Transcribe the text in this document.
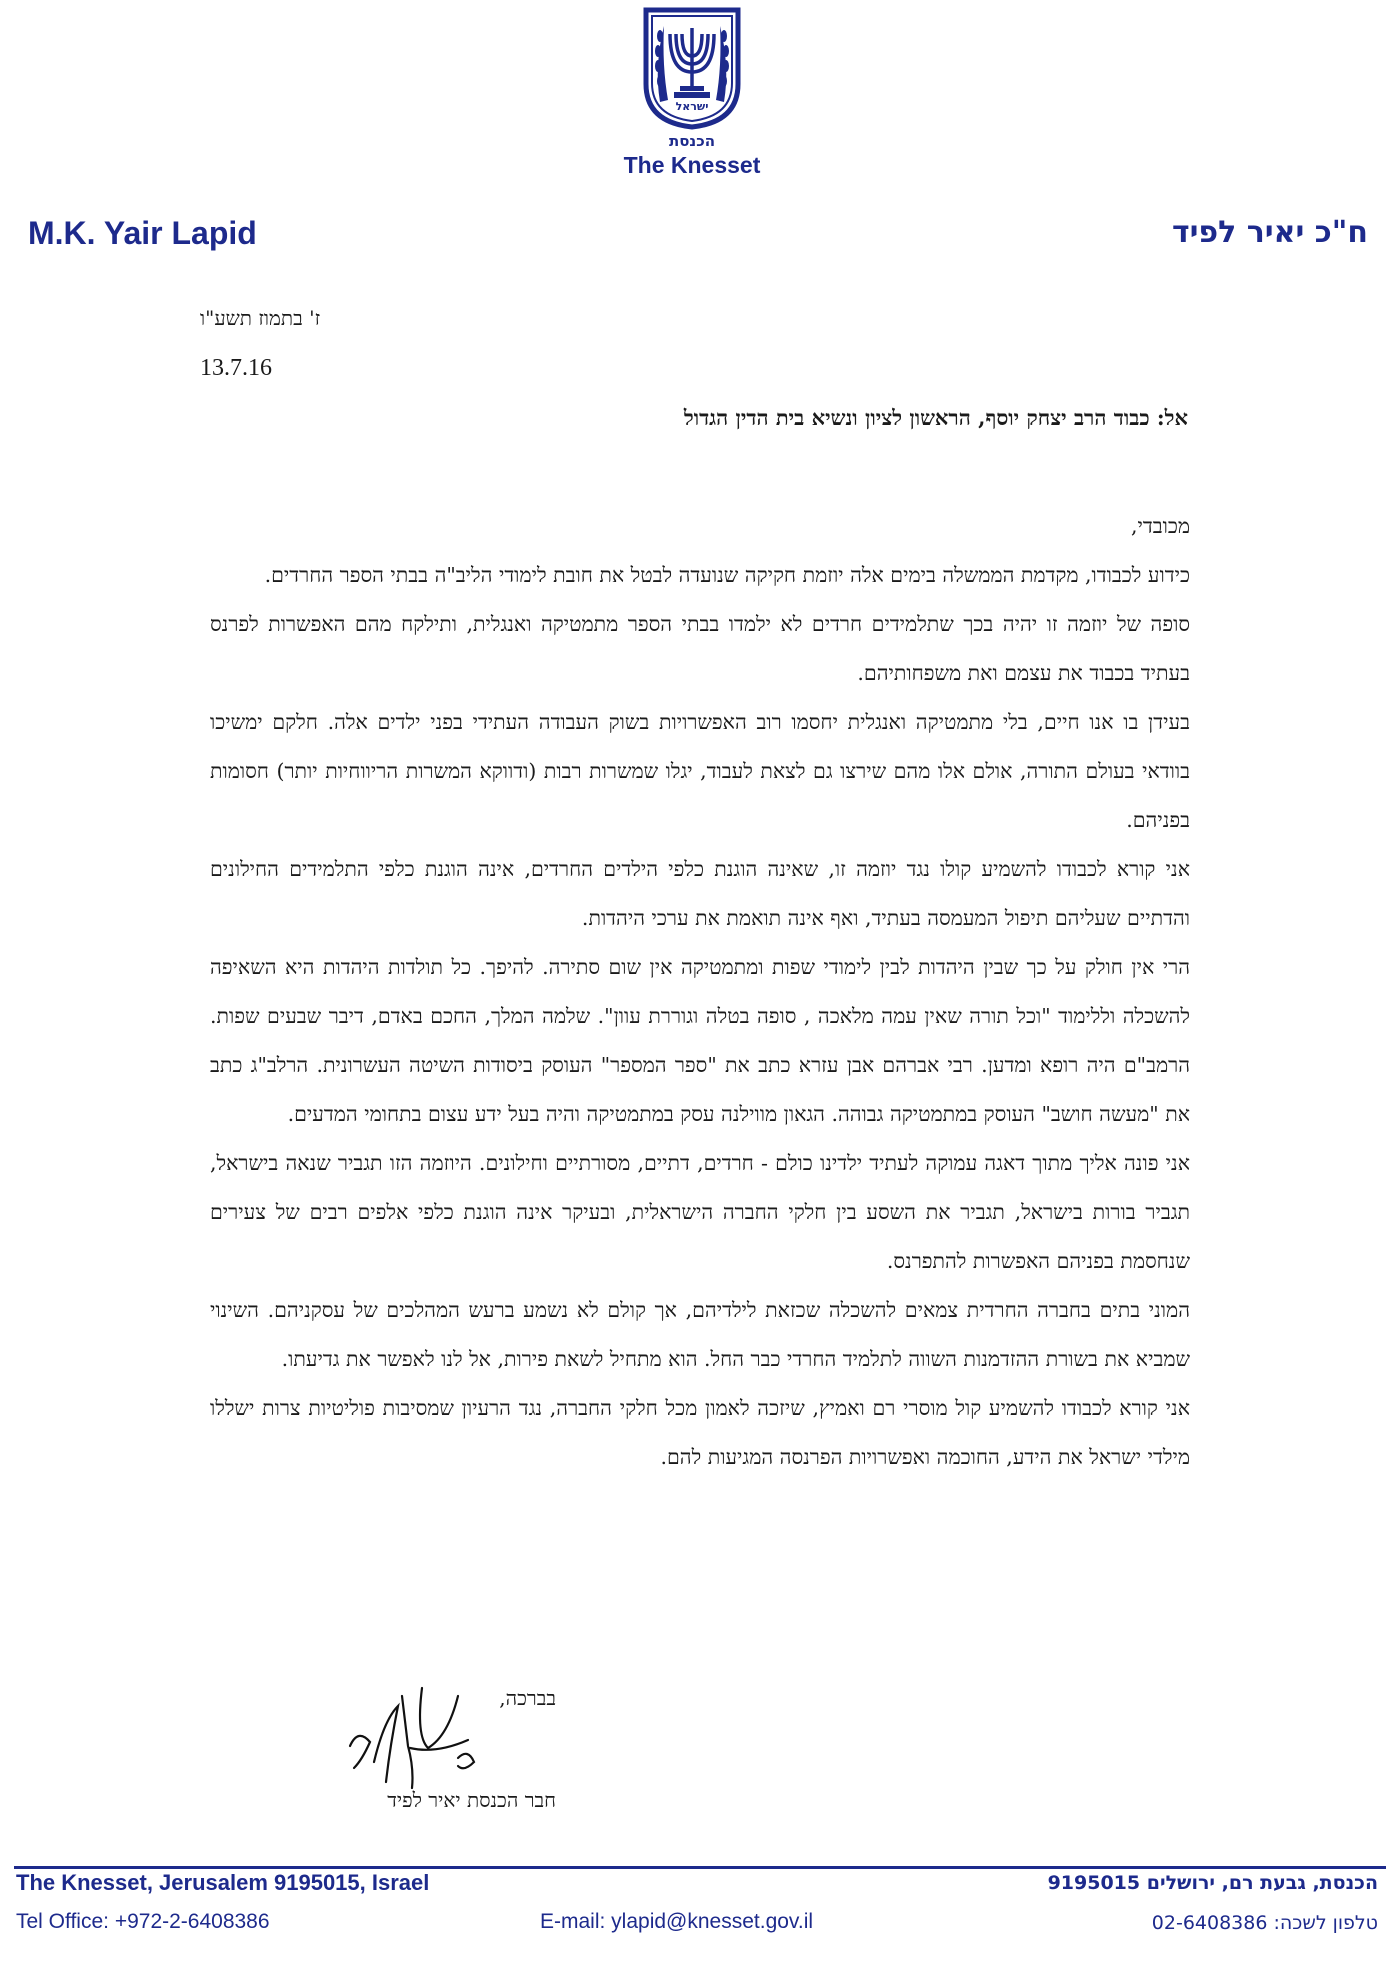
ישראל
הכנסת
The Knesset
M.K. Yair Lapid	ח"כ יאיר לפיד
ז' בתמוז תשע"ו
13.7.16
אל: כבוד הרב יצחק יוסף, הראשון לציון ונשיא בית הדין הגדול

מכובדי,

כידוע לכבודו, מקדמת הממשלה בימים אלה יוזמת חקיקה שנועדה לבטל את חובת לימודי הליב"ה בבתי הספר החרדים.

סופה של יוזמה זו יהיה בכך שתלמידים חרדים לא ילמדו בבתי הספר מתמטיקה ואנגלית, ותילקח מהם האפשרות לפרנס בעתיד בכבוד את עצמם ואת משפחותיהם.

בעידן בו אנו חיים, בלי מתמטיקה ואנגלית יחסמו רוב האפשרויות בשוק העבודה העתידי בפני ילדים אלה. חלקם ימשיכו בוודאי בעולם התורה, אולם אלו מהם שירצו גם לצאת לעבוד, יגלו שמשרות רבות (ודווקא המשרות הריווחיות יותר) חסומות בפניהם.

אני קורא לכבודו להשמיע קולו נגד יוזמה זו, שאינה הוגנת כלפי הילדים החרדים, אינה הוגנת כלפי התלמידים החילונים והדתיים שעליהם תיפול המעמסה בעתיד, ואף אינה תואמת את ערכי היהדות.

הרי אין חולק על כך שבין היהדות לבין לימודי שפות ומתמטיקה אין שום סתירה. להיפך. כל תולדות היהדות היא השאיפה להשכלה וללימוד "וכל תורה שאין עמה מלאכה , סופה בטלה וגוררת עוון". שלמה המלך, החכם באדם, דיבר שבעים שפות. הרמב"ם היה רופא ומדען. רבי אברהם אבן עזרא כתב את "ספר המספר" העוסק ביסודות השיטה העשרונית. הרלב"ג כתב את "מעשה חושב" העוסק במתמטיקה גבוהה. הגאון מווילנה עסק במתמטיקה והיה בעל ידע עצום בתחומי המדעים.

אני פונה אליך מתוך דאגה עמוקה לעתיד ילדינו כולם - חרדים, דתיים, מסורתיים וחילונים. היוזמה הזו תגביר שנאה בישראל, תגביר בורות בישראל, תגביר את השסע בין חלקי החברה הישראלית, ובעיקר אינה הוגנת כלפי אלפים רבים של צעירים שנחסמת בפניהם האפשרות להתפרנס.

המוני בתים בחברה החרדית צמאים להשכלה שכזאת לילדיהם, אך קולם לא נשמע ברעש המהלכים של עסקניהם. השינוי שמביא את בשורת ההזדמנות השווה לתלמיד החרדי כבר החל. הוא מתחיל לשאת פירות, אל לנו לאפשר את גדיעתו.

אני קורא לכבודו להשמיע קול מוסרי רם ואמיץ, שיזכה לאמון מכל חלקי החברה, נגד הרעיון שמסיבות פוליטיות צרות ישללו מילדי ישראל את הידע, החוכמה ואפשרויות הפרנסה המגיעות להם.

בברכה,
חבר הכנסת יאיר לפיד
The Knesset, Jerusalem 9195015, Israel
Tel Office: +972-2-6408386	E-mail: ylapid@knesset.gov.il
הכנסת, גבעת רם, ירושלים 9195015
טלפון לשכה: 02-6408386
